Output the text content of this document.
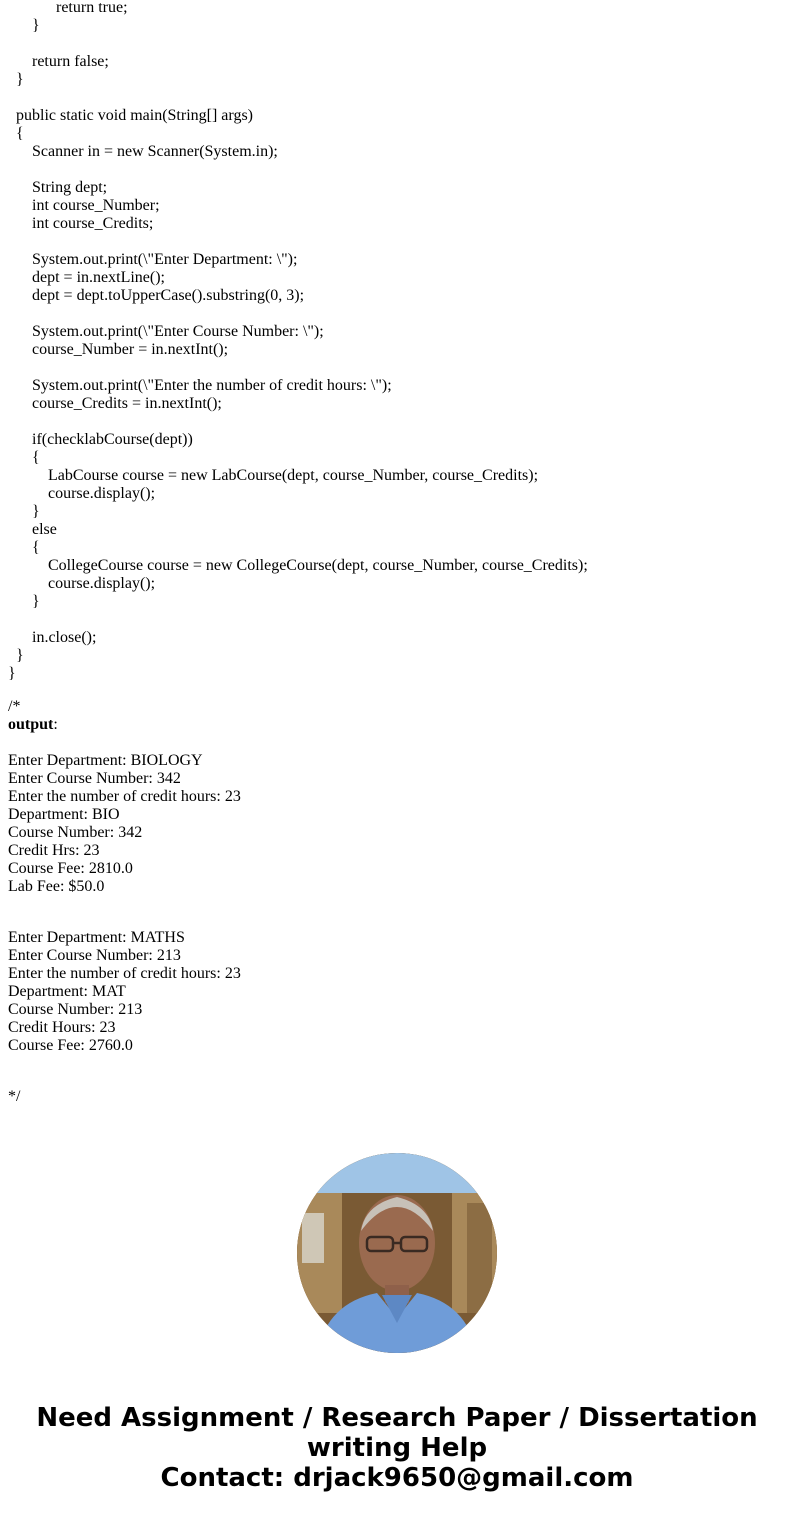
return true;
}
return false;
}
public static void main(String[] args)
{
Scanner in = new Scanner(System.in);
String dept;
int course_Number;
int course_Credits;
System.out.print(\"Enter Department: \");
dept = in.nextLine();
dept = dept.toUpperCase().substring(0, 3);
System.out.print(\"Enter Course Number: \");
course_Number = in.nextInt();
System.out.print(\"Enter the number of credit hours: \");
course_Credits = in.nextInt();
if(checklabCourse(dept))
{
LabCourse course = new LabCourse(dept, course_Number, course_Credits);
course.display();
}
else
{
CollegeCourse course = new CollegeCourse(dept, course_Number, course_Credits);
course.display();
}
in.close();
}
}
/*
output:
Enter Department: BIOLOGY
Enter Course Number: 342
Enter the number of credit hours: 23
Department: BIO
Course Number: 342
Credit Hrs: 23
Course Fee: 2810.0
Lab Fee: $50.0
Enter Department: MATHS
Enter Course Number: 213
Enter the number of credit hours: 23
Department: MAT
Course Number: 213
Credit Hours: 23
Course Fee: 2760.0
*/
Need Assignment / Research Paper / Dissertation
writing Help
Contact: drjack9650@gmail.com
